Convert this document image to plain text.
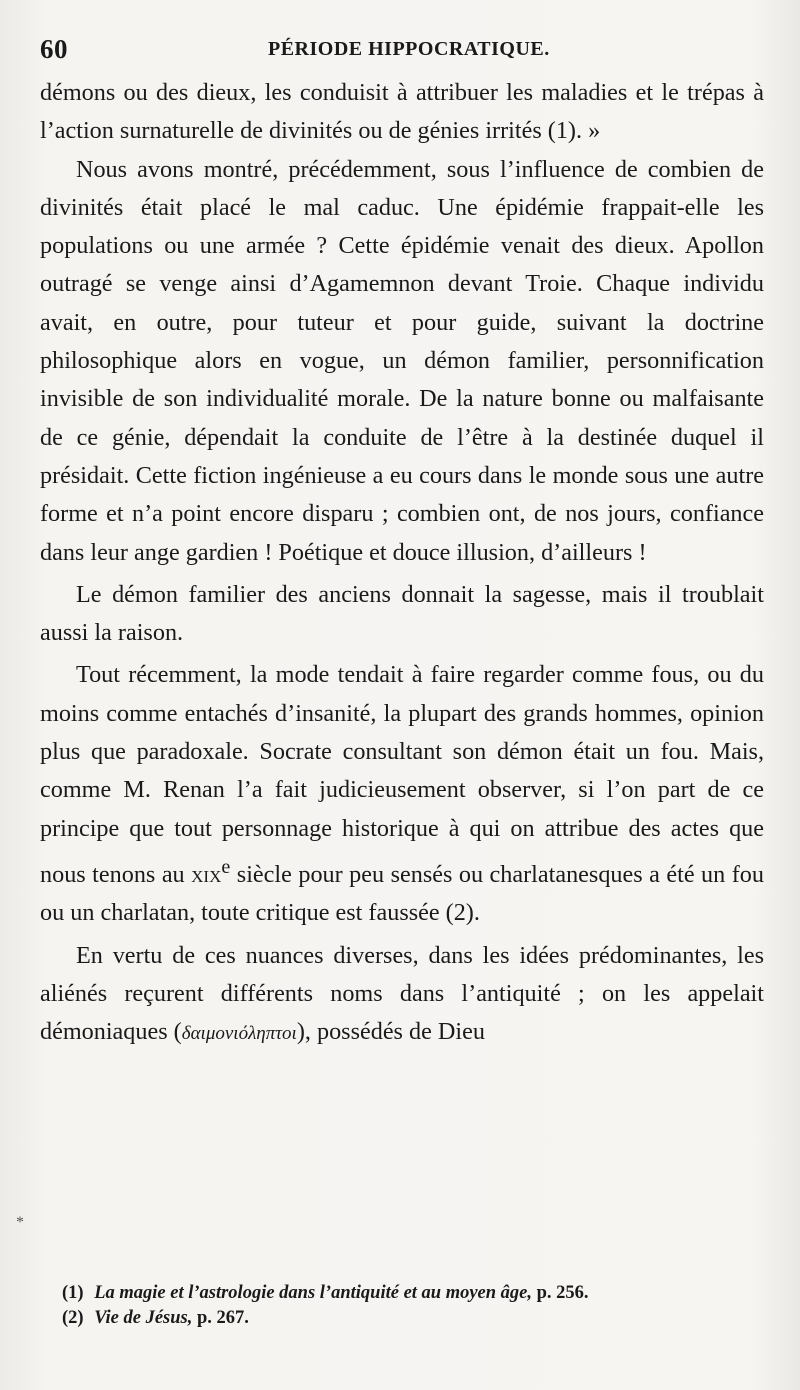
60	PÉRIODE HIPPOCRATIQUE.

démons ou des dieux, les conduisit à attribuer les maladies et le trépas à l’action surnaturelle de divinités ou de génies irrités (1). »

Nous avons montré, précédemment, sous l’influence de combien de divinités était placé le mal caduc. Une épidémie frappait-elle les populations ou une armée ? Cette épidémie venait des dieux. Apollon outragé se venge ainsi d’Agamemnon devant Troie. Chaque individu avait, en outre, pour tuteur et pour guide, suivant la doctrine philosophique alors en vogue, un démon familier, personnification invisible de son individualité morale. De la nature bonne ou malfaisante de ce génie, dépendait la conduite de l’être à la destinée duquel il présidait. Cette fiction ingénieuse a eu cours dans le monde sous une autre forme et n’a point encore disparu ; combien ont, de nos jours, confiance dans leur ange gardien ! Poétique et douce illusion, d’ailleurs !

Le démon familier des anciens donnait la sagesse, mais il troublait aussi la raison.

Tout récemment, la mode tendait à faire regarder comme fous, ou du moins comme entachés d’insanité, la plupart des grands hommes, opinion plus que paradoxale. Socrate consultant son démon était un fou. Mais, comme M. Renan l’a fait judicieusement observer, si l’on part de ce principe que tout personnage historique à qui on attribue des actes que nous tenons au xix$^e$ siècle pour peu sensés ou charlatanesques a été un fou ou un charlatan, toute critique est faussée (2).

En vertu de ces nuances diverses, dans les idées prédominantes, les aliénés reçurent différents noms dans l’antiquité ; on les appelait démoniaques (δαιμονιόληπτοι), possédés de Dieu

*

(1) La magie et l’astrologie dans l’antiquité et au moyen âge, p. 256.

(2) Vie de Jésus, p. 267.
